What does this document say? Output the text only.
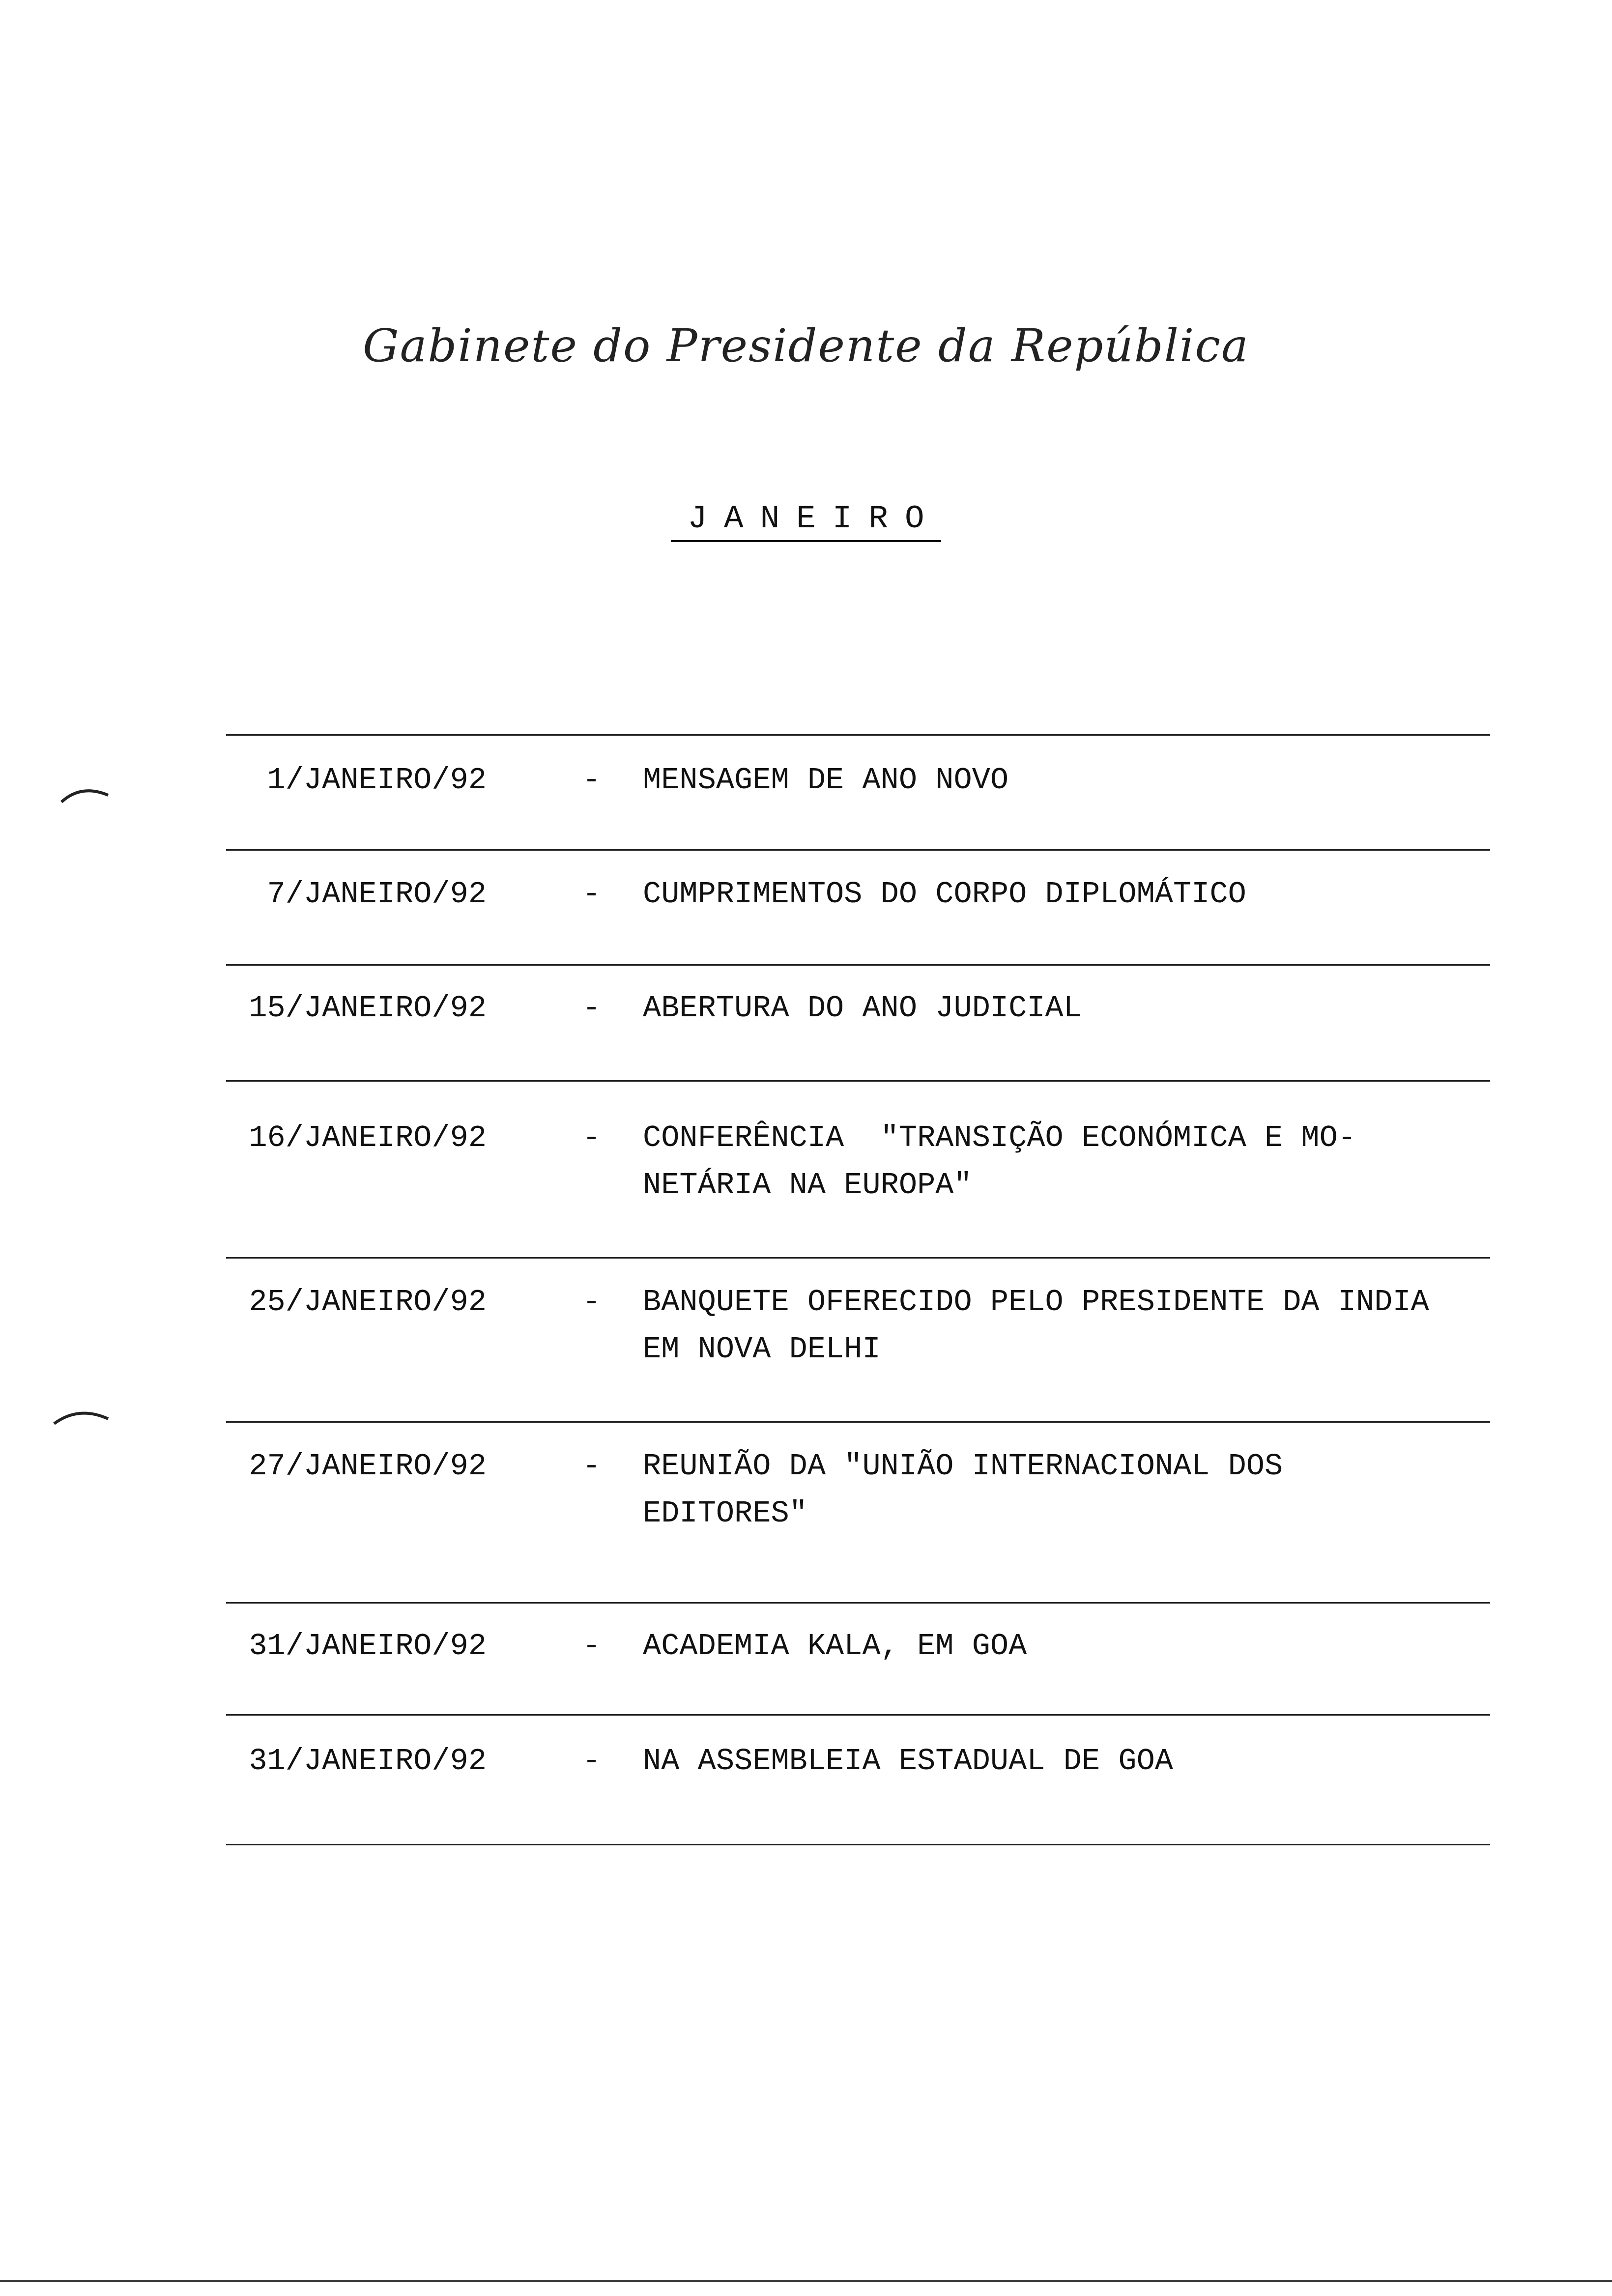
Gabinete do Presidente da República
JANEIRO
1/JANEIRO/92	-	MENSAGEM DE ANO NOVO
7/JANEIRO/92	-	CUMPRIMENTOS DO CORPO DIPLOMÁTICO
15/JANEIRO/92	-	ABERTURA DO ANO JUDICIAL
16/JANEIRO/92	-	CONFERÊNCIA  "TRANSIÇÃO ECONÓMICA E MO-
NETÁRIA NA EUROPA"
25/JANEIRO/92	-	BANQUETE OFERECIDO PELO PRESIDENTE DA INDIA
EM NOVA DELHI
27/JANEIRO/92	-	REUNIÃO DA "UNIÃO INTERNACIONAL DOS
EDITORES"
31/JANEIRO/92	-	ACADEMIA KALA, EM GOA
31/JANEIRO/92	-	NA ASSEMBLEIA ESTADUAL DE GOA
